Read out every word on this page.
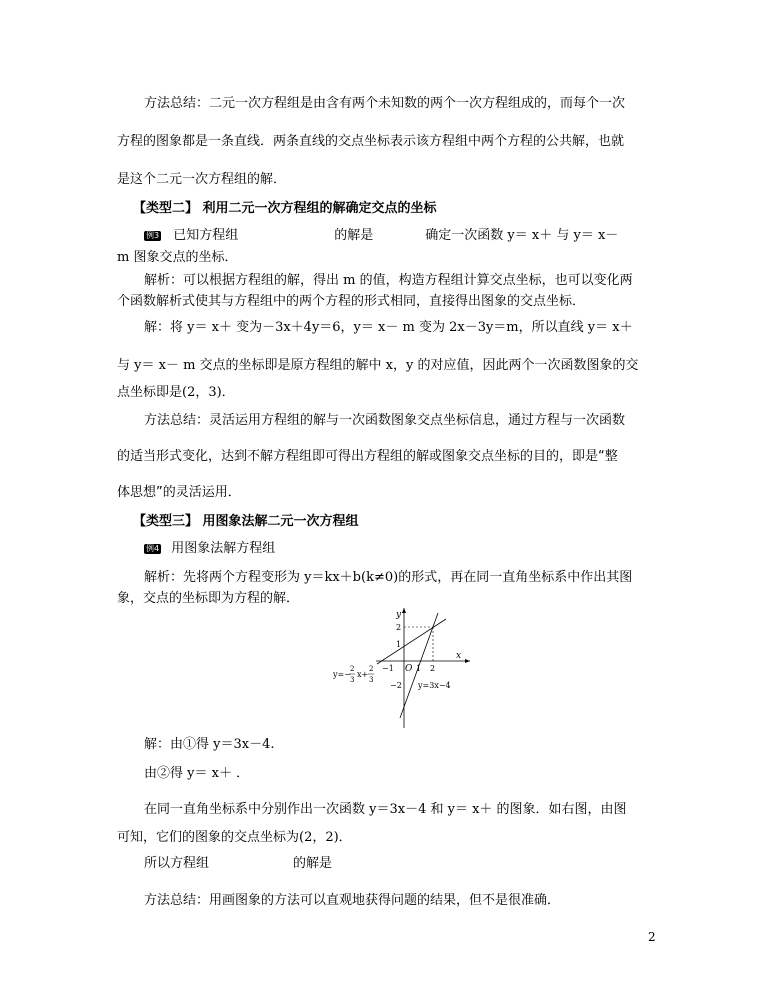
方法总结：二元一次方程组是由含有两个未知数的两个一次方程组成的，而每个一次
方程的图象都是一条直线．两条直线的交点坐标表示该方程组中两个方程的公共解，也就
是这个二元一次方程组的解．
【类型二】 利用二元一次方程组的解确定交点的坐标
例3 已知方程组	的解是	确定一次函数 y＝ x＋ 与 y＝ x－
m 图象交点的坐标．
解析：可以根据方程组的解，得出 m 的值，构造方程组计算交点坐标，也可以变化两
个函数解析式使其与方程组中的两个方程的形式相同，直接得出图象的交点坐标．
解：将 y＝ x＋ 变为－3x＋4y＝6，y＝ x－ m 变为 2x－3y＝m，所以直线 y＝ x＋
与 y＝ x－ m 交点的坐标即是原方程组的解中 x，y 的对应值，因此两个一次函数图象的交
点坐标即是(2，3)．
方法总结：灵活运用方程组的解与一次函数图象交点坐标信息，通过方程与一次函数
的适当形式变化，达到不解方程组即可得出方程组的解或图象交点坐标的目的，即是“整
体思想”的灵活运用．
【类型三】 用图象法解二元一次方程组
例4 用图象法解方程组
解析：先将两个方程变形为 y＝kx＋b(k≠0)的形式，再在同一直角坐标系中作出其图
象，交点的坐标即为方程的解．
x
y
O 1 2
−1
1
2
−2 y=3x−4
y=−
2
3
x+
2
3
解：由①得 y＝3x－4.
由②得 y＝ x＋ ．
在同一直角坐标系中分别作出一次函数 y＝3x－4 和 y＝ x＋ 的图象．如右图，由图
可知，它们的图象的交点坐标为(2，2)．
所以方程组	的解是
方法总结：用画图象的方法可以直观地获得问题的结果，但不是很准确．
2
